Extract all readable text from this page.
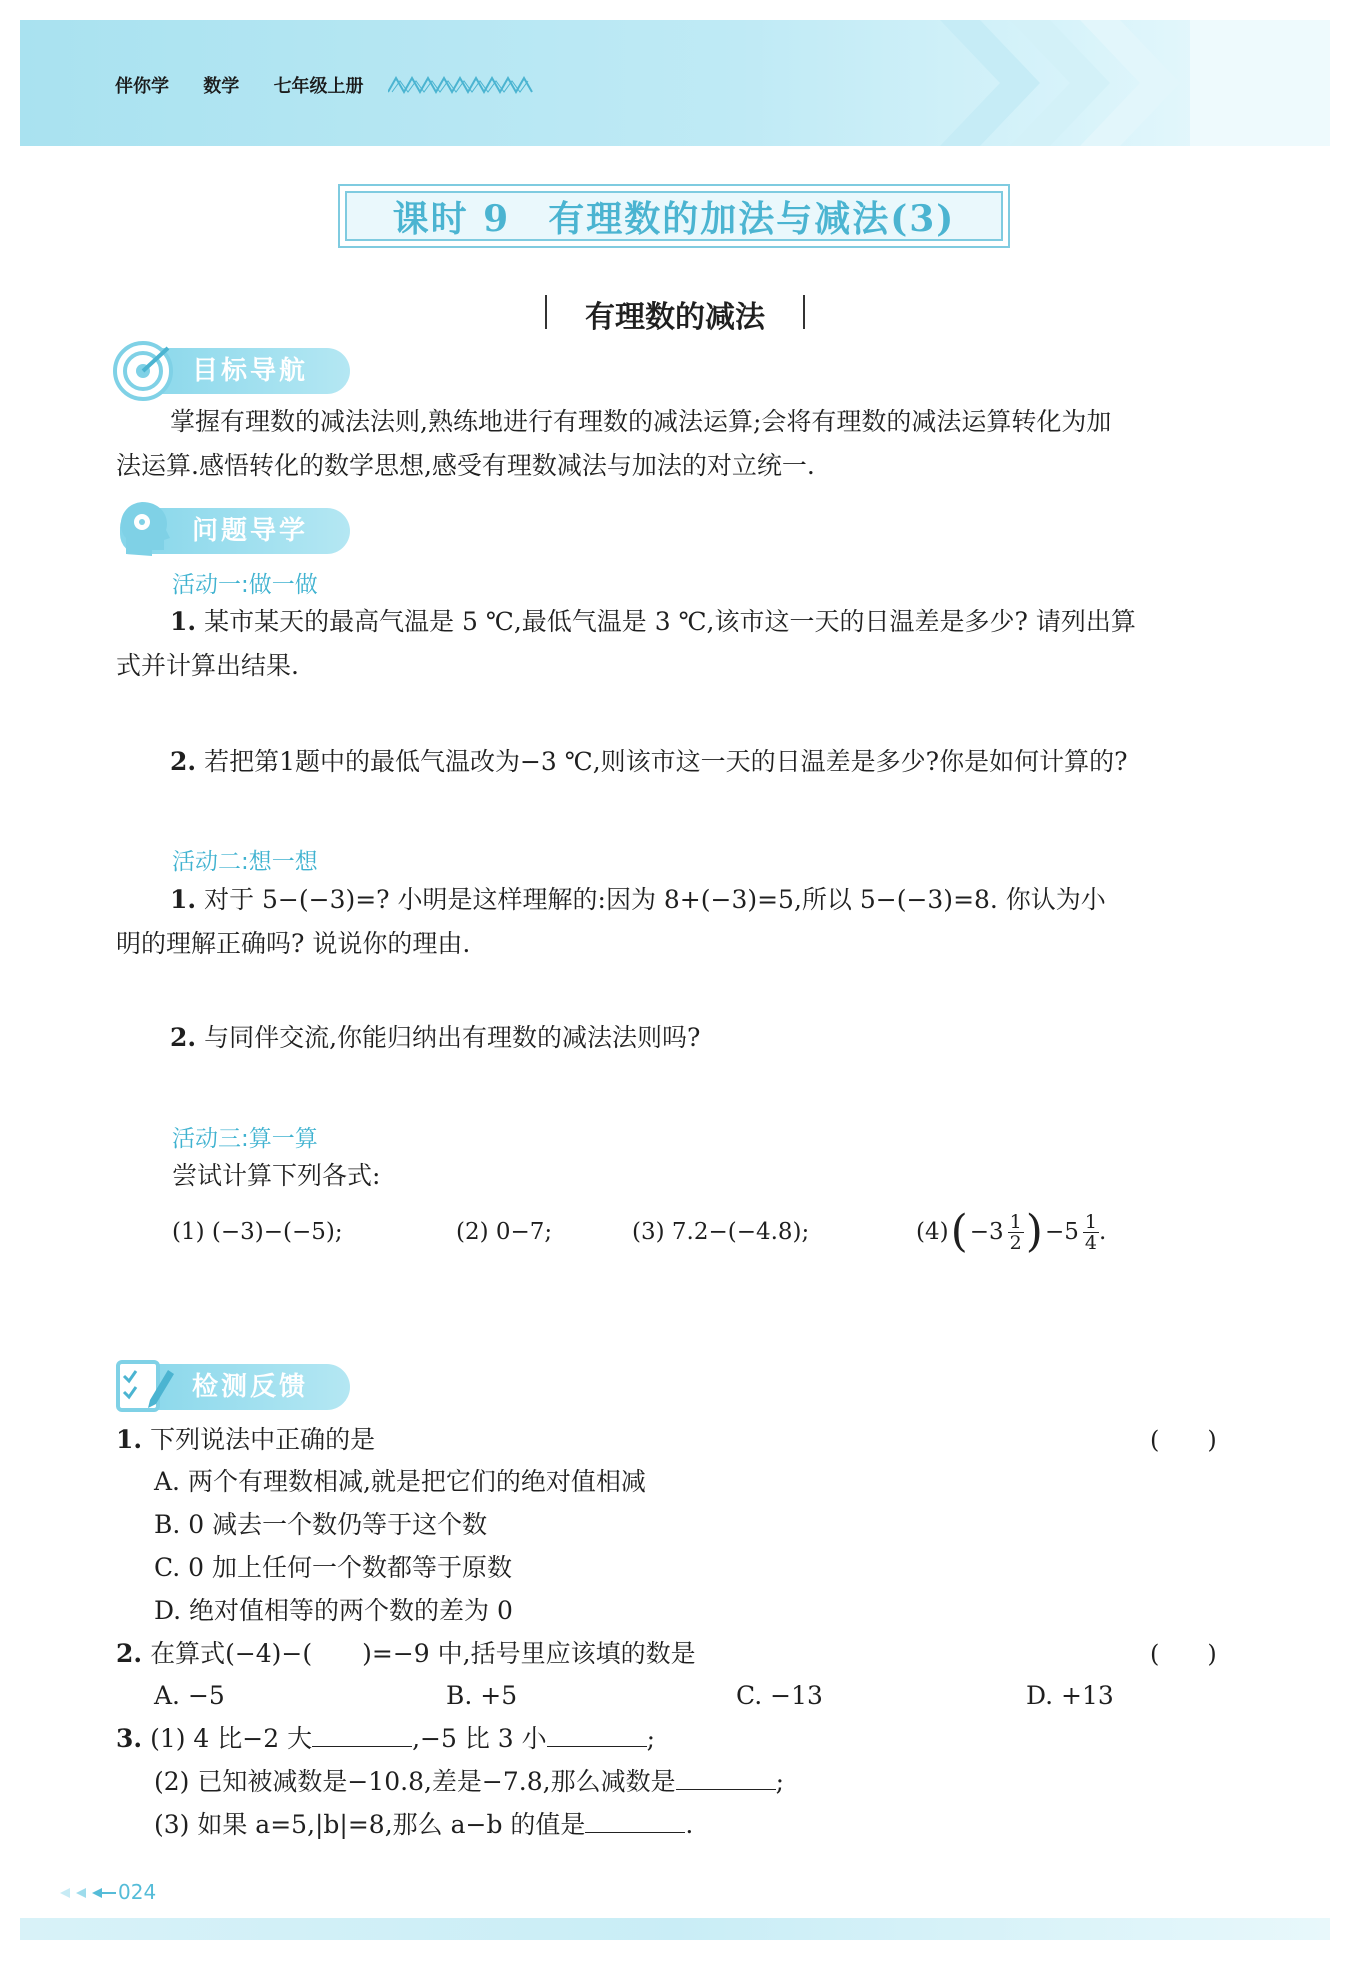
伴你学 数学 七年级上册
课时 9　有理数的加法与减法(3)
有理数的减法
目标导航
掌握有理数的减法法则,熟练地进行有理数的减法运算;会将有理数的减法运算转化为加

法运算.感悟转化的数学思想,感受有理数减法与加法的对立统一.
问题导学
活动一:做一做
1. 某市某天的最高气温是 5 ℃,最低气温是 3 ℃,该市这一天的日温差是多少? 请列出算
式并计算出结果.
2. 若把第1题中的最低气温改为−3 ℃,则该市这一天的日温差是多少?你是如何计算的?
活动二:想一想
1. 对于 5−(−3)=? 小明是这样理解的:因为 8+(−3)=5,所以 5−(−3)=8. 你认为小
明的理解正确吗? 说说你的理由.
2. 与同伴交流,你能归纳出有理数的减法法则吗?
活动三:算一算
尝试计算下列各式:
(1) (−3)−(−5);	(2) 0−7;	(3) 7.2−(−4.8);	(4) ( $-3 \frac{1}{2}$ ) $-5 \frac{1}{4}$ .
检测反馈
1. 下列说法中正确的是	(　　)
A. 两个有理数相减,就是把它们的绝对值相减
B. 0 减去一个数仍等于这个数
C. 0 加上任何一个数都等于原数
D. 绝对值相等的两个数的差为 0
2. 在算式(−4)−(　　)=−9 中,括号里应该填的数是	(　　)
A. −5	B. +5	C. −13	D. +13
3. (1) 4 比−2 大	,−5 比 3 小	;
(2) 已知被减数是−10.8,差是−7.8,那么减数是	;
(3) 如果 a=5,|b|=8,那么 a−b 的值是	.
024
